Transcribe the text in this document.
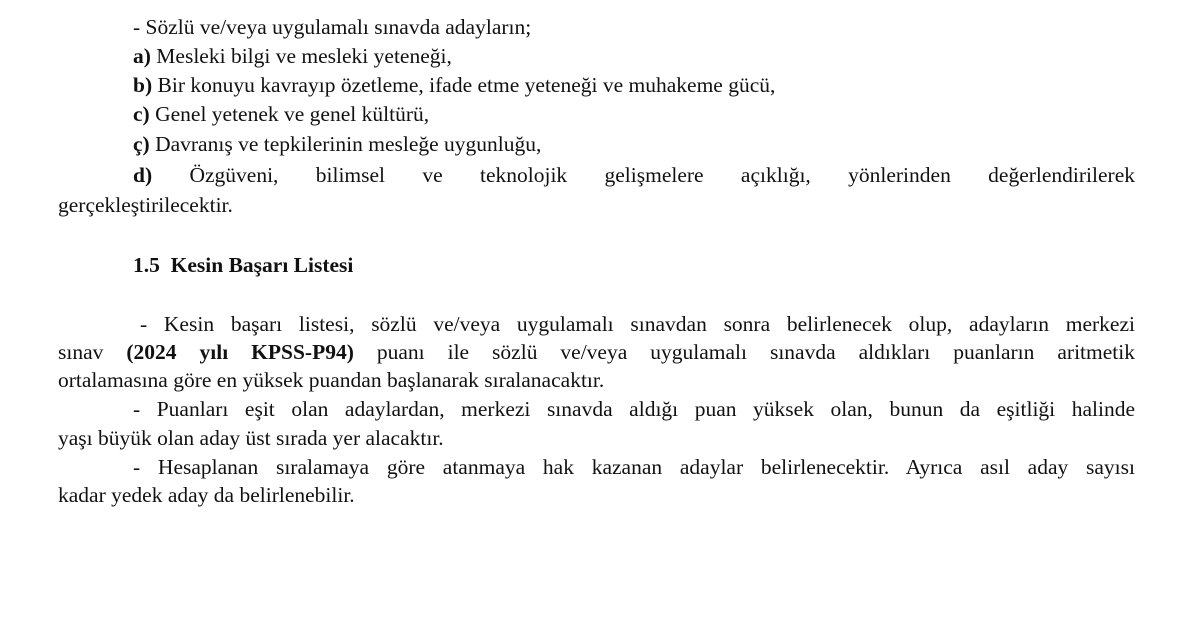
- Sözlü ve/veya uygulamalı sınavda adayların;
a) Mesleki bilgi ve mesleki yeteneği,
b) Bir konuyu kavrayıp özetleme, ifade etme yeteneği ve muhakeme gücü,
c) Genel yetenek ve genel kültürü,
ç) Davranış ve tepkilerinin mesleğe uygunluğu,
d) Özgüveni, bilimsel ve teknolojik gelişmelere açıklığı, yönlerinden değerlendirilerek
gerçekleştirilecektir.
1.5 Kesin Başarı Listesi
- Kesin başarı listesi, sözlü ve/veya uygulamalı sınavdan sonra belirlenecek olup, adayların merkezi
sınav (2024 yılı KPSS-P94) puanı ile sözlü ve/veya uygulamalı sınavda aldıkları puanların aritmetik
ortalamasına göre en yüksek puandan başlanarak sıralanacaktır.
- Puanları eşit olan adaylardan, merkezi sınavda aldığı puan yüksek olan, bunun da eşitliği halinde
yaşı büyük olan aday üst sırada yer alacaktır.
- Hesaplanan sıralamaya göre atanmaya hak kazanan adaylar belirlenecektir. Ayrıca asıl aday sayısı
kadar yedek aday da belirlenebilir.
